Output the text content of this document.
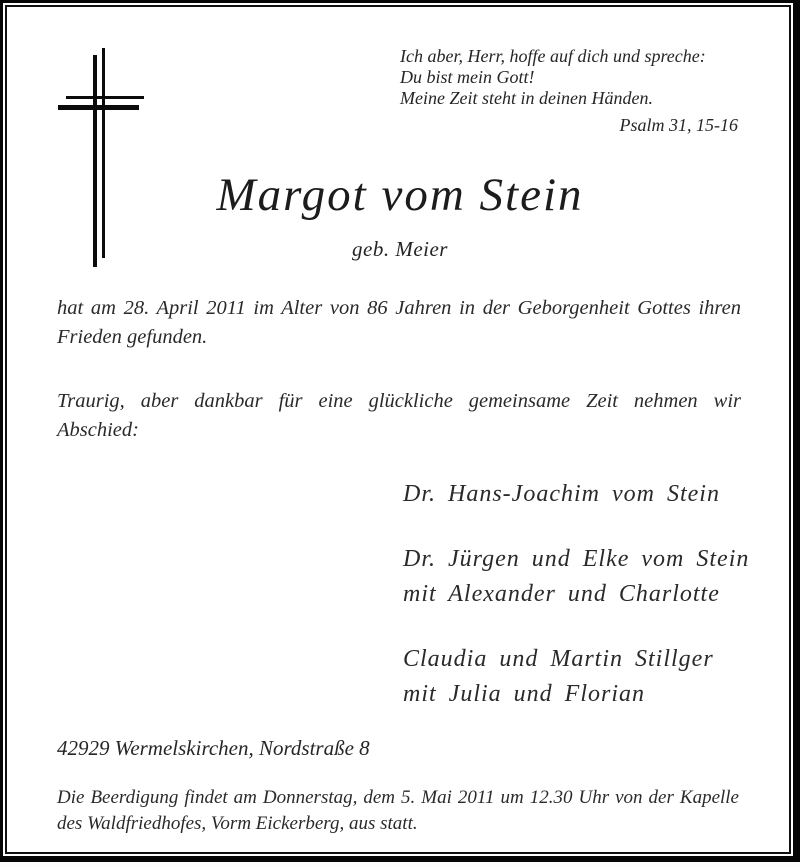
Ich aber, Herr, hoffe auf dich und spreche:
Du bist mein Gott!
Meine Zeit steht in deinen Händen.
Psalm 31, 15-16
Margot vom Stein
geb. Meier
hat am 28. April 2011 im Alter von 86 Jahren in der Geborgenheit Gottes ihren
Frieden gefunden.
Traurig, aber dankbar für eine glückliche gemeinsame Zeit nehmen wir
Abschied:
Dr. Hans-Joachim vom Stein
Dr. Jürgen und Elke vom Stein
mit Alexander und Charlotte
Claudia und Martin Stillger
mit Julia und Florian
42929 Wermelskirchen, Nordstraße 8
Die Beerdigung findet am Donnerstag, dem 5. Mai 2011 um 12.30 Uhr von der Kapelle
des Waldfriedhofes, Vorm Eickerberg, aus statt.
